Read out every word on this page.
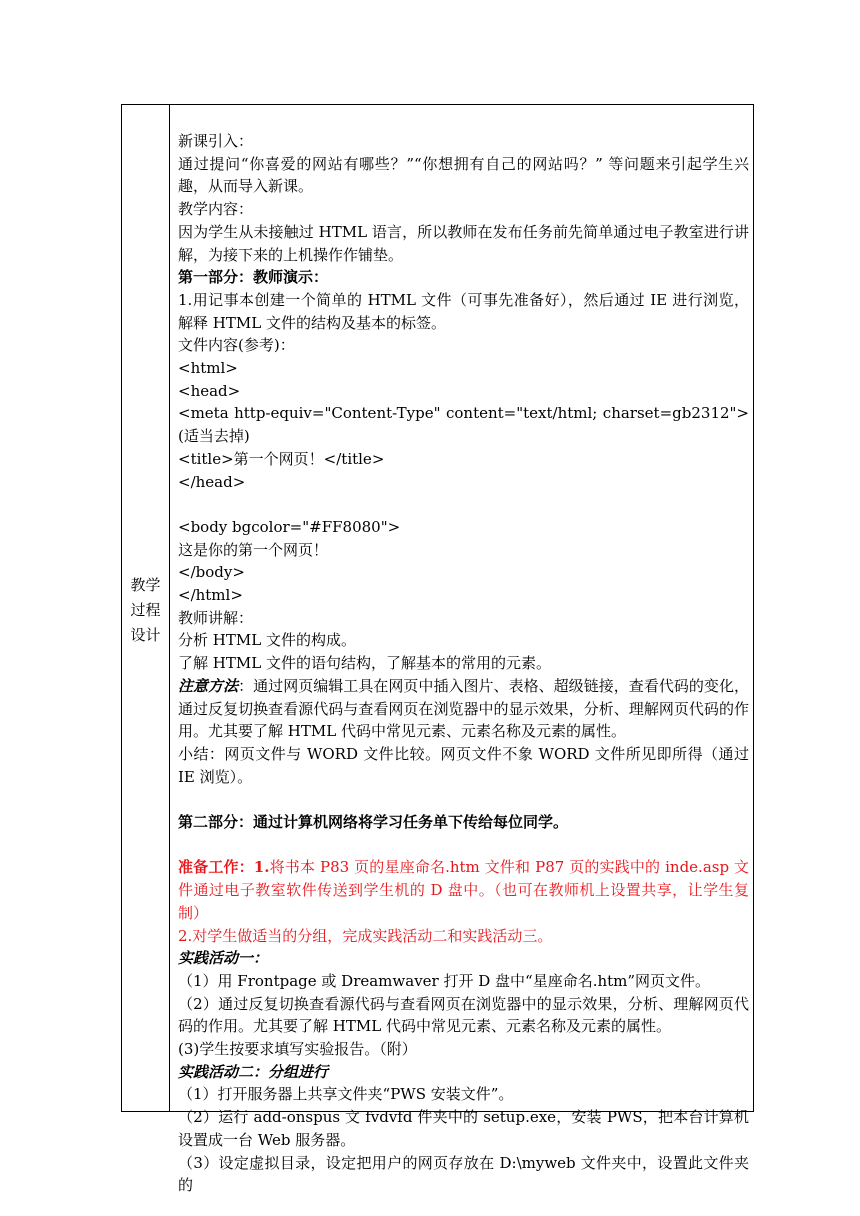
教学
过程
设计

新课引入：

通过提问“你喜爱的网站有哪些？”“你想拥有自己的网站吗？” 等问题来引起学生兴趣，从而导入新课。

教学内容：

因为学生从未接触过 HTML 语言，所以教师在发布任务前先简单通过电子教室进行讲解，为接下来的上机操作作铺垫。

第一部分：教师演示：

1.用记事本创建一个简单的 HTML 文件（可事先准备好），然后通过 IE 进行浏览，解释 HTML 文件的结构及基本的标签。

文件内容(参考)：

<html>

<head>

<meta http-equiv="Content-Type" content="text/html; charset=gb2312"> (适当去掉)

<title>第一个网页！</title>

</head>

<body bgcolor="#FF8080">

这是你的第一个网页！

</body>

</html>

教师讲解：

分析 HTML 文件的构成。

了解 HTML 文件的语句结构，了解基本的常用的元素。

注意方法：通过网页编辑工具在网页中插入图片、表格、超级链接，查看代码的变化，通过反复切换查看源代码与查看网页在浏览器中的显示效果，分析、理解网页代码的作用。尤其要了解 HTML 代码中常见元素、元素名称及元素的属性。

小结：网页文件与 WORD 文件比较。网页文件不象 WORD 文件所见即所得（通过 IE 浏览）。

第二部分：通过计算机网络将学习任务单下传给每位同学。

准备工作：1.将书本 P83 页的星座命名.htm 文件和 P87 页的实践中的 inde.asp 文件通过电子教室软件传送到学生机的 D 盘中。（也可在教师机上设置共享，让学生复制）

2.对学生做适当的分组，完成实践活动二和实践活动三。

实践活动一：

（1）用 Frontpage 或 Dreamwaver 打开 D 盘中“星座命名.htm”网页文件。

（2）通过反复切换查看源代码与查看网页在浏览器中的显示效果，分析、理解网页代码的作用。尤其要了解 HTML 代码中常见元素、元素名称及元素的属性。

(3)学生按要求填写实验报告。（附）

实践活动二：分组进行

（1）打开服务器上共享文件夹“PWS 安装文件”。

（2）运行 add-onspus 文 fvdvfd 件夹中的 setup.exe，安装 PWS，把本台计算机设置成一台 Web 服务器。

（3）设定虚拟目录，设定把用户的网页存放在 D:\myweb 文件夹中，设置此文件夹的
